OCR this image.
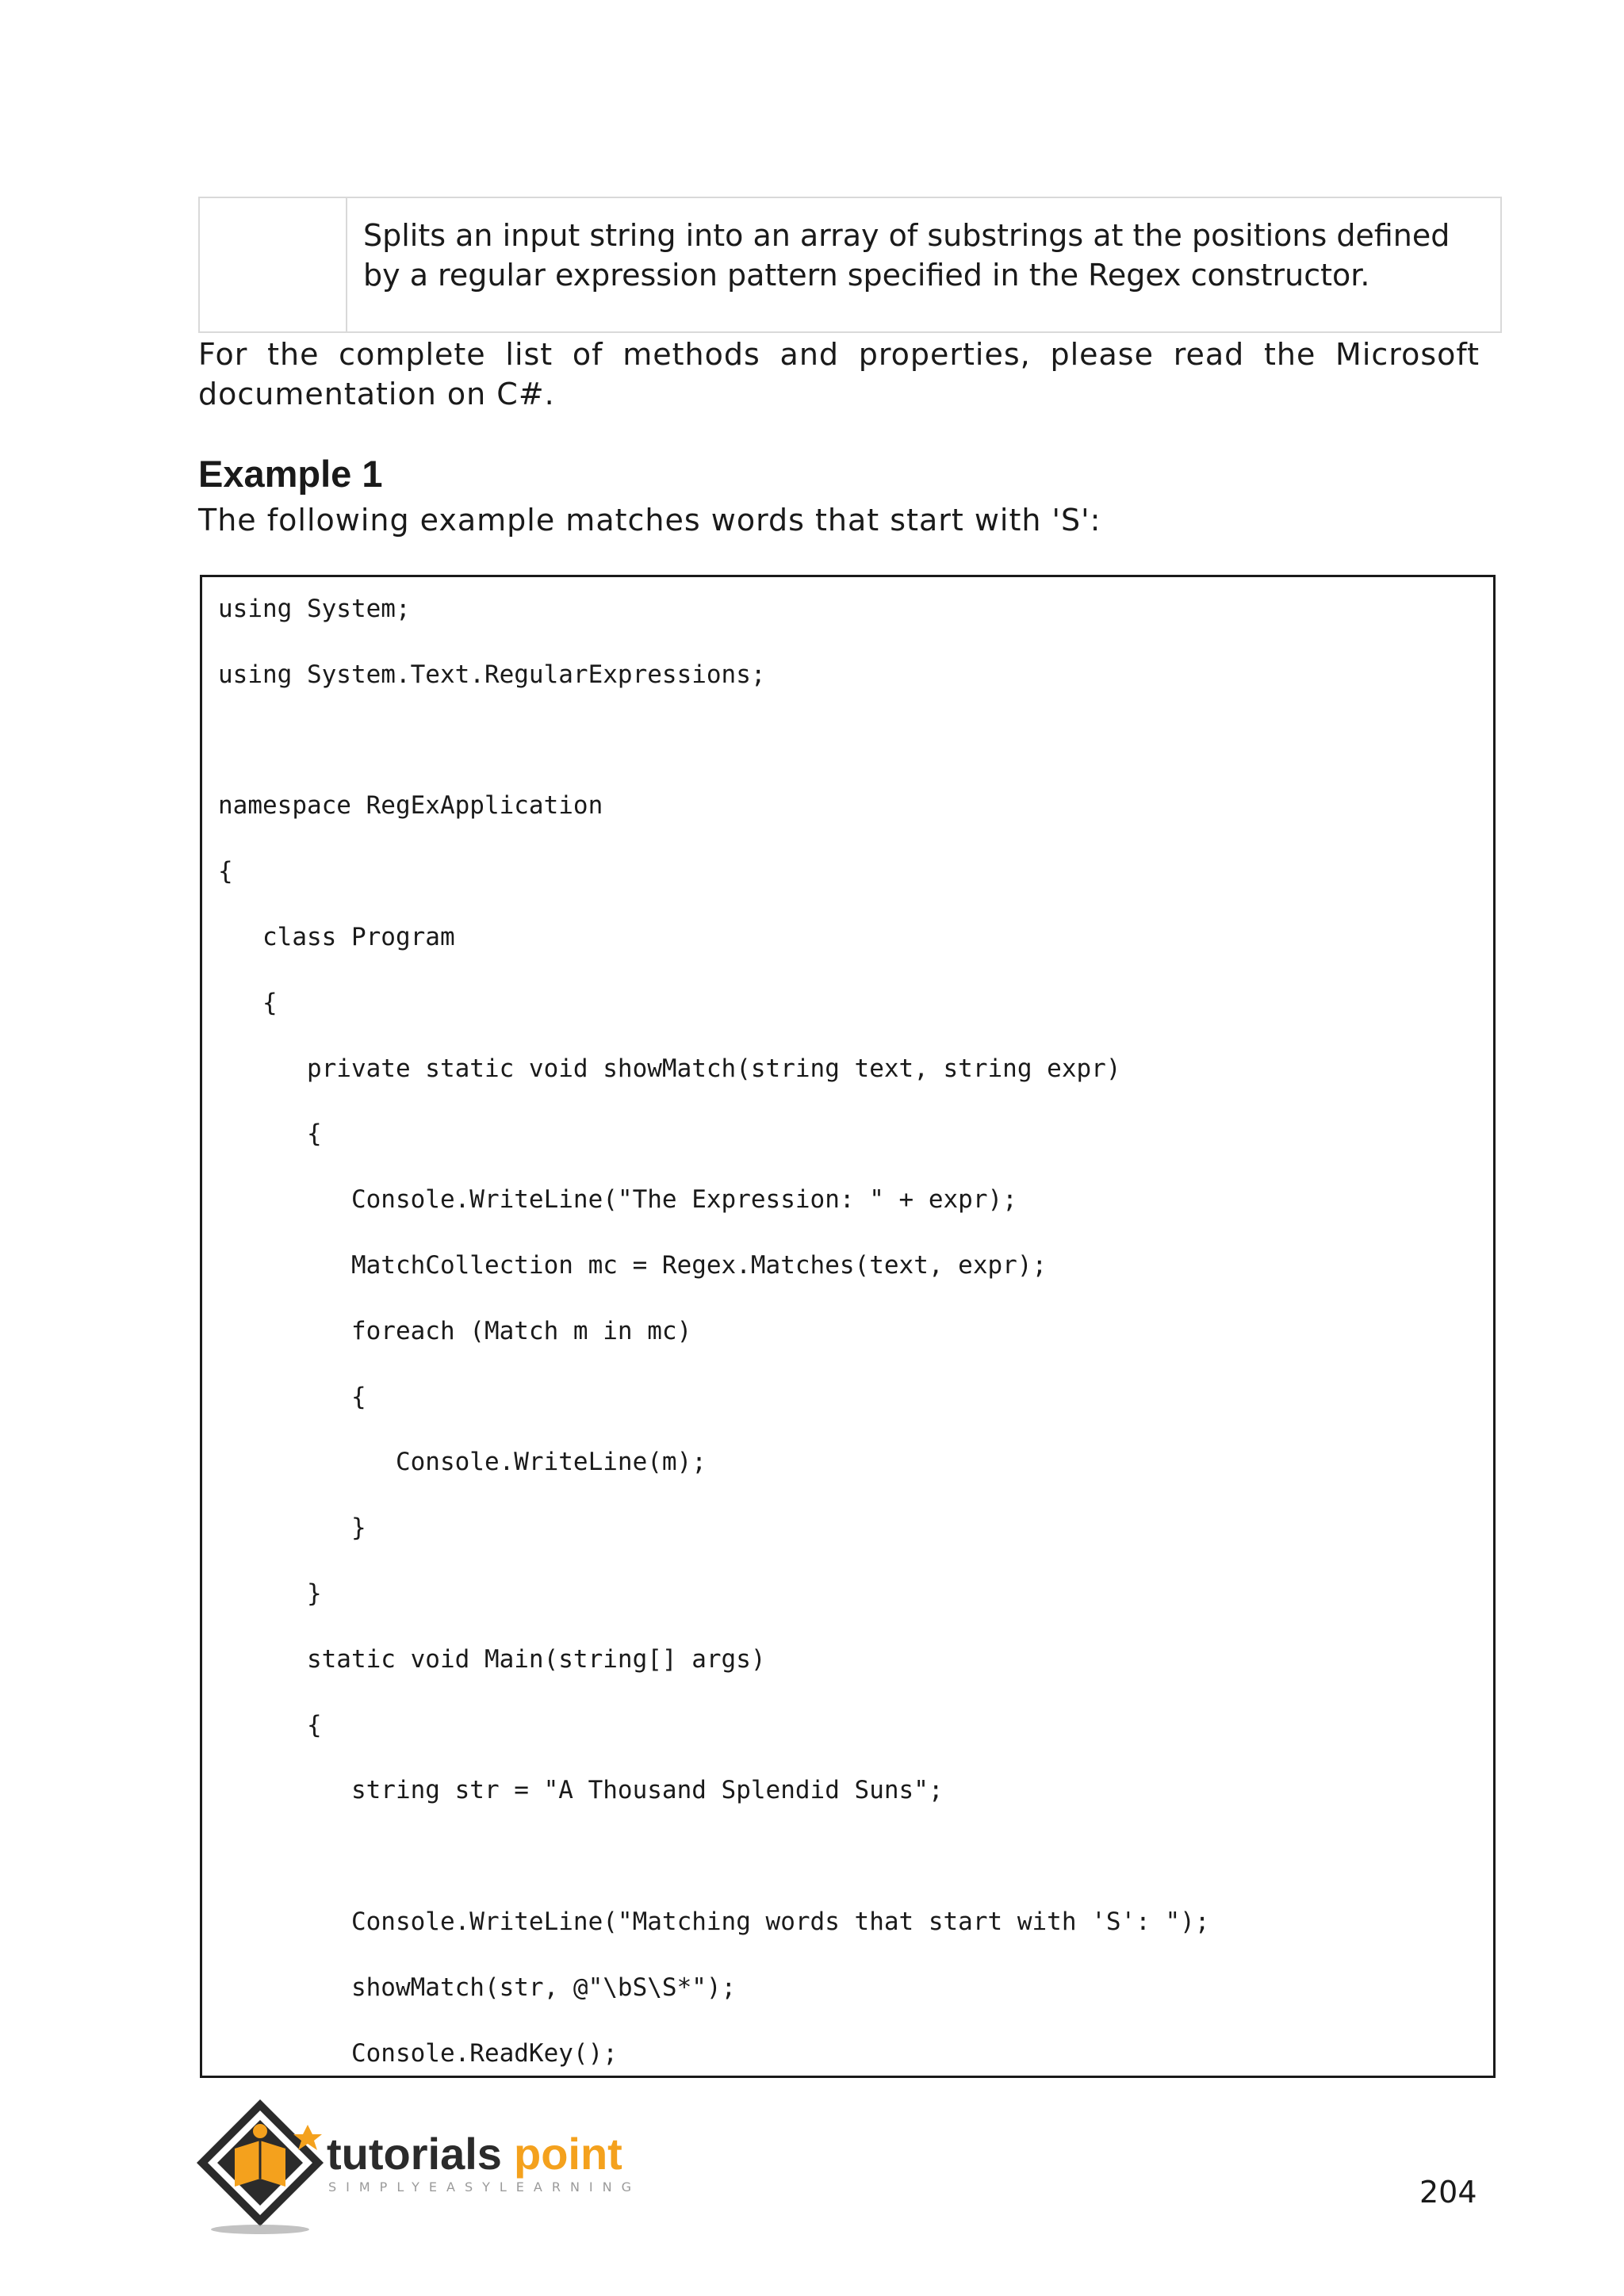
Splits an input string into an array of substrings at the positions defined by a regular expression pattern specified in the Regex constructor.
For the complete list of methods and properties, please read the Microsoft documentation on C#.
Example 1
The following example matches words that start with 'S':
using System;
using System.Text.RegularExpressions;
namespace RegExApplication
{
class Program
{
private static void showMatch(string text, string expr)
{
Console.WriteLine("The Expression: " + expr);
MatchCollection mc = Regex.Matches(text, expr);
foreach (Match m in mc)
{
Console.WriteLine(m);
}
}
static void Main(string[] args)
{
string str = "A Thousand Splendid Suns";
Console.WriteLine("Matching words that start with 'S': ");
showMatch(str, @"\bS\S*");
Console.ReadKey();
tutorials point
SIMPLYEASYLEARNING	204
